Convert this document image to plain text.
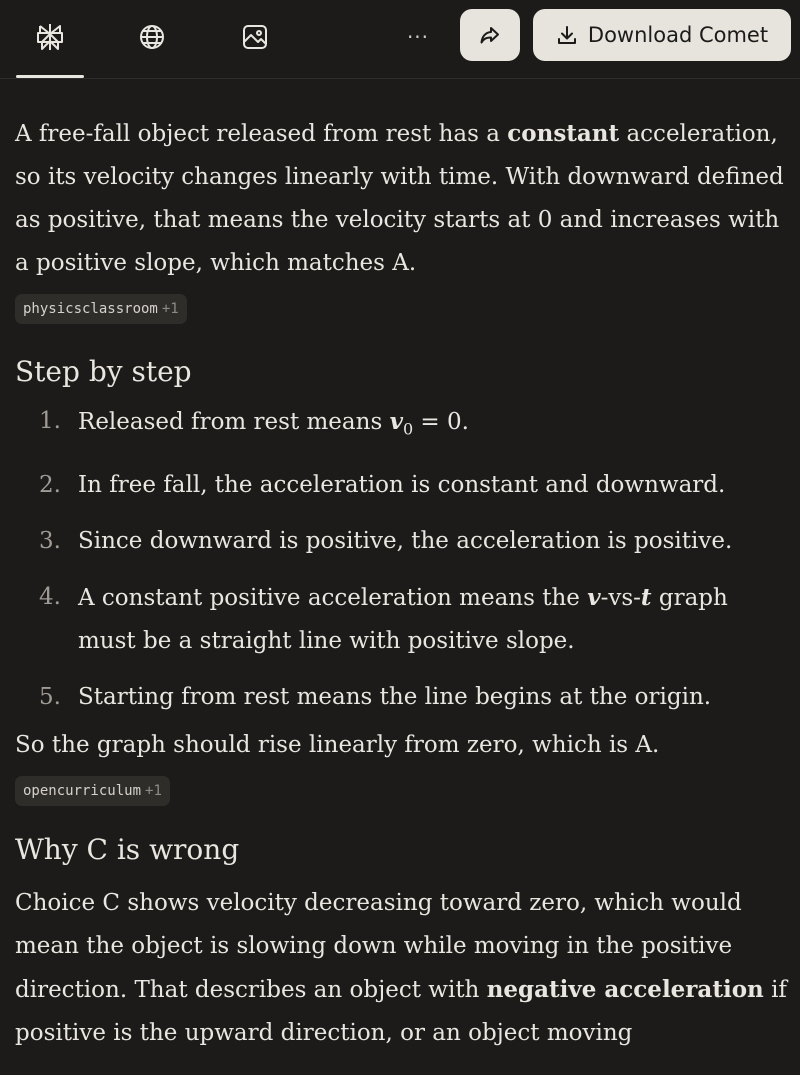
···	Download Comet

A free-fall object released from rest has a constant acceleration, so its velocity changes linearly with time. With downward defined as positive, that means the velocity starts at 0 and increases with a positive slope, which matches A.

physicsclassroom +1
Step by step
1. Released from rest means $v_0 = 0$.
2. In free fall, the acceleration is constant and downward.
3. Since downward is positive, the acceleration is positive.
4. A constant positive acceleration means the v-vs-t graph must be a straight line with positive slope.
5. Starting from rest means the line begins at the origin.

So the graph should rise linearly from zero, which is A.

opencurriculum +1
Why C is wrong

Choice C shows velocity decreasing toward zero, which would mean the object is slowing down while moving in the positive direction. That describes an object with negative acceleration if positive is the upward direction, or an object moving
